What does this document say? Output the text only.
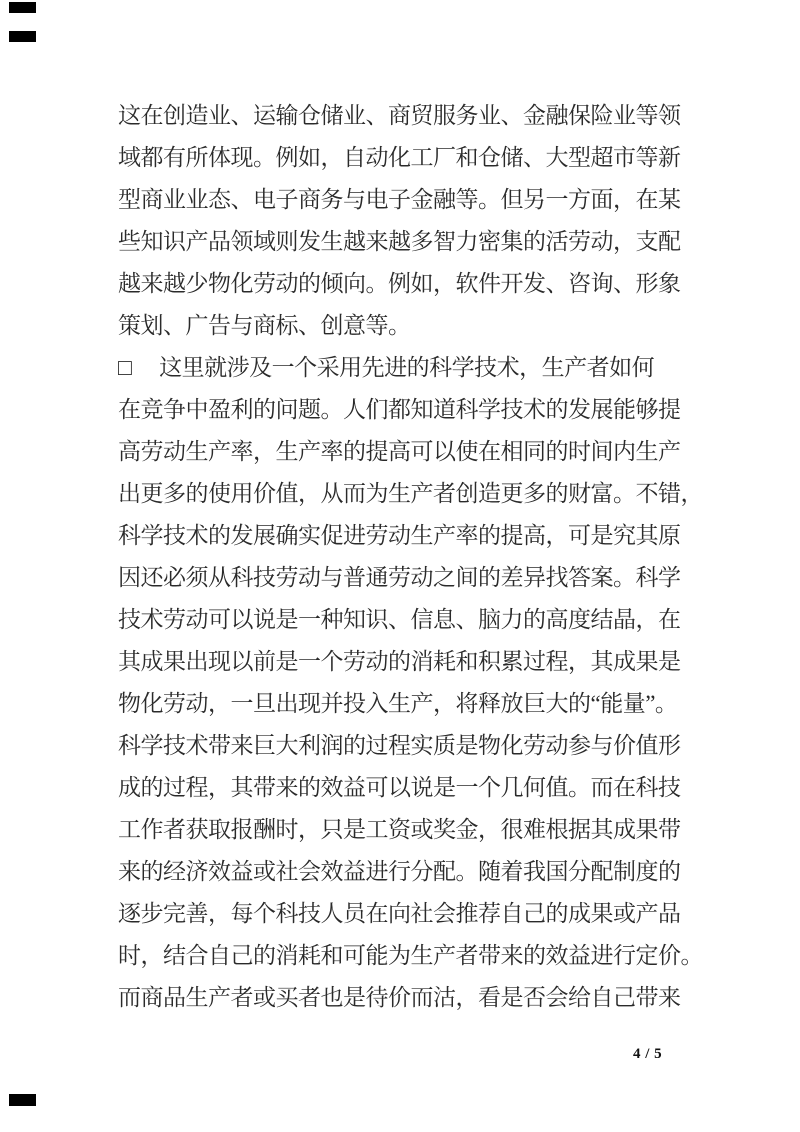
这在创造业、运输仓储业、商贸服务业、金融保险业等领
域都有所体现。例如，自动化工厂和仓储、大型超市等新
型商业业态、电子商务与电子金融等。但另一方面，在某
些知识产品领域则发生越来越多智力密集的活劳动，支配
越来越少物化劳动的倾向。例如，软件开发、咨询、形象
策划、广告与商标、创意等。
□　 这里就涉及一个采用先进的科学技术，生产者如何
在竞争中盈利的问题。人们都知道科学技术的发展能够提
高劳动生产率，生产率的提高可以使在相同的时间内生产
出更多的使用价值，从而为生产者创造更多的财富。不错，
科学技术的发展确实促进劳动生产率的提高，可是究其原
因还必须从科技劳动与普通劳动之间的差异找答案。科学
技术劳动可以说是一种知识、信息、脑力的高度结晶，在
其成果出现以前是一个劳动的消耗和积累过程，其成果是
物化劳动，一旦出现并投入生产，将释放巨大的“能量”。
科学技术带来巨大利润的过程实质是物化劳动参与价值形
成的过程，其带来的效益可以说是一个几何值。而在科技
工作者获取报酬时，只是工资或奖金，很难根据其成果带
来的经济效益或社会效益进行分配。随着我国分配制度的
逐步完善，每个科技人员在向社会推荐自己的成果或产品
时，结合自己的消耗和可能为生产者带来的效益进行定价。
而商品生产者或买者也是待价而沽，看是否会给自己带来
4 / 5
